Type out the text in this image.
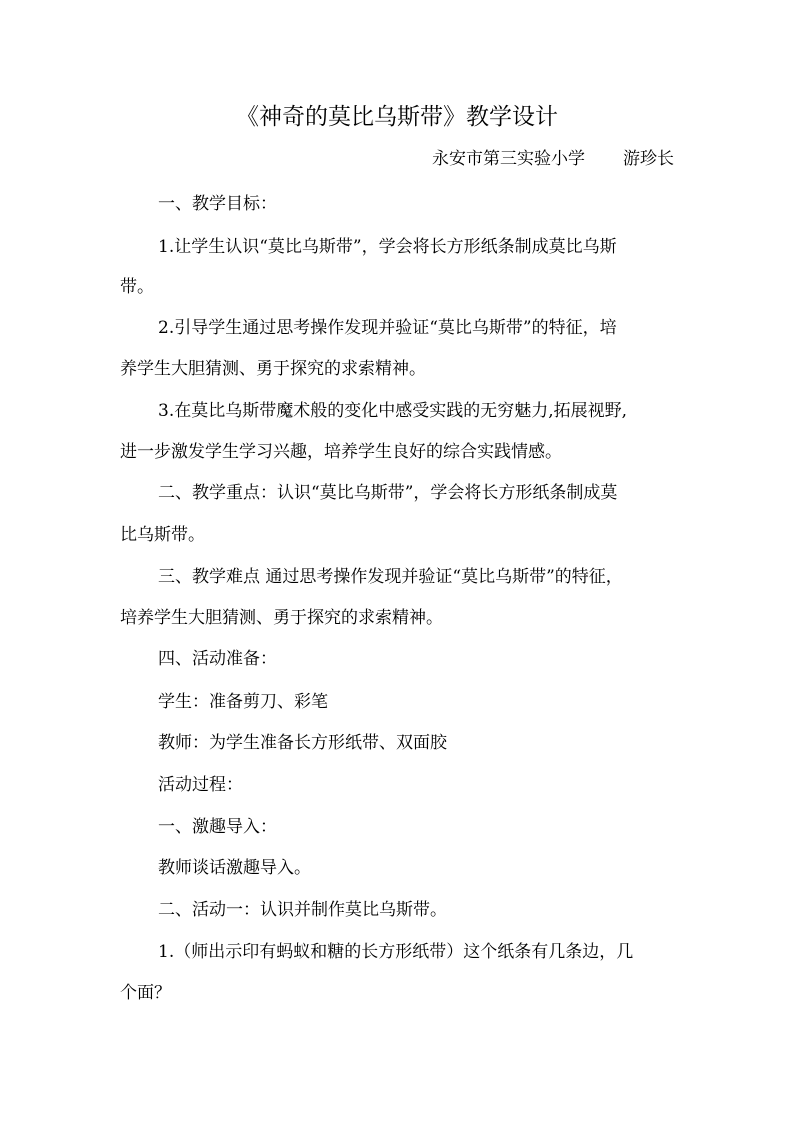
《神奇的莫比乌斯带》教学设计
永安市第三实验小学 游珍长
一、教学目标：
1.让学生认识“莫比乌斯带”，学会将长方形纸条制成莫比乌斯
带。
2.引导学生通过思考操作发现并验证“莫比乌斯带”的特征，培
养学生大胆猜测、勇于探究的求索精神。
3.在莫比乌斯带魔术般的变化中感受实践的无穷魅力,拓展视野,
进一步激发学生学习兴趣，培养学生良好的综合实践情感。
二、教学重点：认识“莫比乌斯带”，学会将长方形纸条制成莫
比乌斯带。
三、教学难点 通过思考操作发现并验证“莫比乌斯带”的特征，
培养学生大胆猜测、勇于探究的求索精神。
四、活动准备：
学生：准备剪刀、彩笔
教师：为学生准备长方形纸带、双面胶
活动过程：
一、激趣导入：
教师谈话激趣导入。
二、活动一：认识并制作莫比乌斯带。
1.（师出示印有蚂蚁和糖的长方形纸带）这个纸条有几条边，几
个面？
